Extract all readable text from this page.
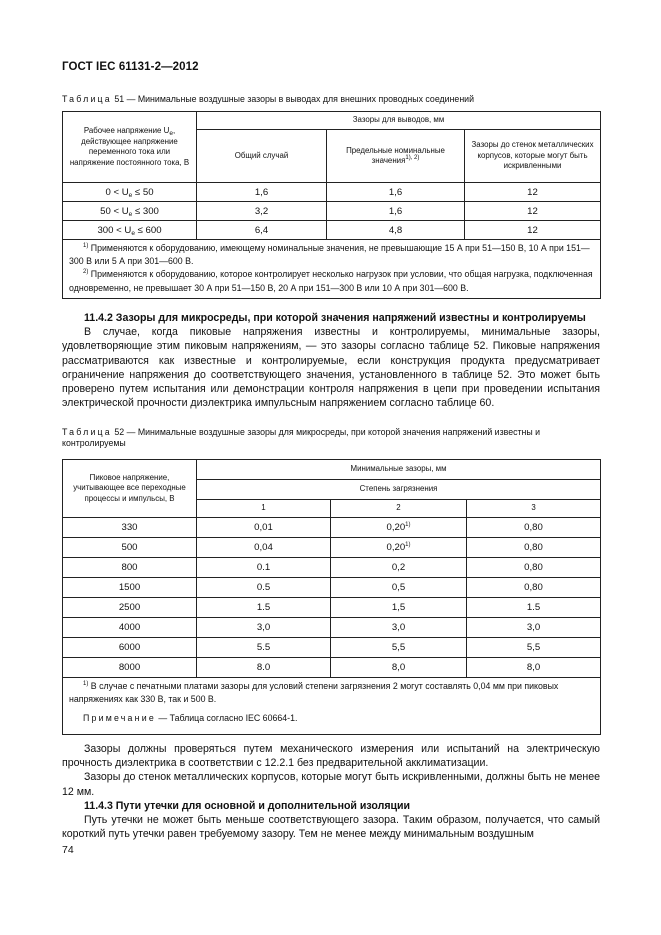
ГОСТ IEC 61131-2—2012
Таблица 51 — Минимальные воздушные зазоры в выводах для внешних проводных соединений
Рабочее напряжение $U_e$, действующее напряжение переменного тока или напряжение постоянного тока, В	Зазоры для выводов, мм		
	Общий случай	Предельные номинальные значения$^{1), 2)}$	Зазоры до стенок металлических корпусов, которые могут быть искривленными
$0 < U_e \le 50$	1,6	1,6	12
$50 < U_e \le 300$	3,2	1,6	12
$300 < U_e \le 600$	6,4	4,8	12

$^{1)}$ Применяются к оборудованию, имеющему номинальные значения, не превышающие 15 А при 51—150 В, 10 А при 151—300 В или 5 А при 301—600 В.

$^{2)}$ Применяются к оборудованию, которое контролирует несколько нагрузок при условии, что общая нагрузка, подключенная одновременно, не превышает 30 А при 51—150 В, 20 А при 151—300 В или 10 А при 301—600 В.			

11.4.2 Зазоры для микросреды, при которой значения напряжений известны и контролируемы

В случае, когда пиковые напряжения известны и контролируемы, минимальные зазоры, удовлетворяющие этим пиковым напряжениям, — это зазоры согласно таблице 52. Пиковые напряжения рассматриваются как известные и контролируемые, если конструкция продукта предусматривает ограничение напряжения до соответствующего значения, установленного в таблице 52. Это может быть проверено путем испытания или демонстрации контроля напряжения в цепи при проведении испытания электрической прочности диэлектрика импульсным напряжением согласно таблице 60.

Таблица 52 — Минимальные воздушные зазоры для микросреды, при которой значения напряжений известны и контролируемы
Пиковое напряжение, учитывающее все переходные процессы и импульсы, В	Минимальные зазоры, мм		
	Степень загрязнения		
	1	2	3
330	0,01	0,20$^{1)}$	0,80
500	0,04	0,20$^{1)}$	0,80
800	0.1	0,2	0,80
1500	0.5	0,5	0,80
2500	1.5	1,5	1.5
4000	3,0	3,0	3,0
6000	5.5	5,5	5,5
8000	8.0	8,0	8,0

$^{1)}$ В случае с печатными платами зазоры для условий степени загрязнения 2 могут составлять 0,04 мм при пиковых напряжениях как 330 В, так и 500 В.

Примечание — Таблица согласно IEC 60664-1.			

Зазоры должны проверяться путем механического измерения или испытаний на электрическую прочность диэлектрика в соответствии с 12.2.1 без предварительной акклиматизации.

Зазоры до стенок металлических корпусов, которые могут быть искривленными, должны быть не менее 12 мм.

11.4.3 Пути утечки для основной и дополнительной изоляции

Путь утечки не может быть меньше соответствующего зазора. Таким образом, получается, что самый короткий путь утечки равен требуемому зазору. Тем не менее между минимальным воздушным

74
